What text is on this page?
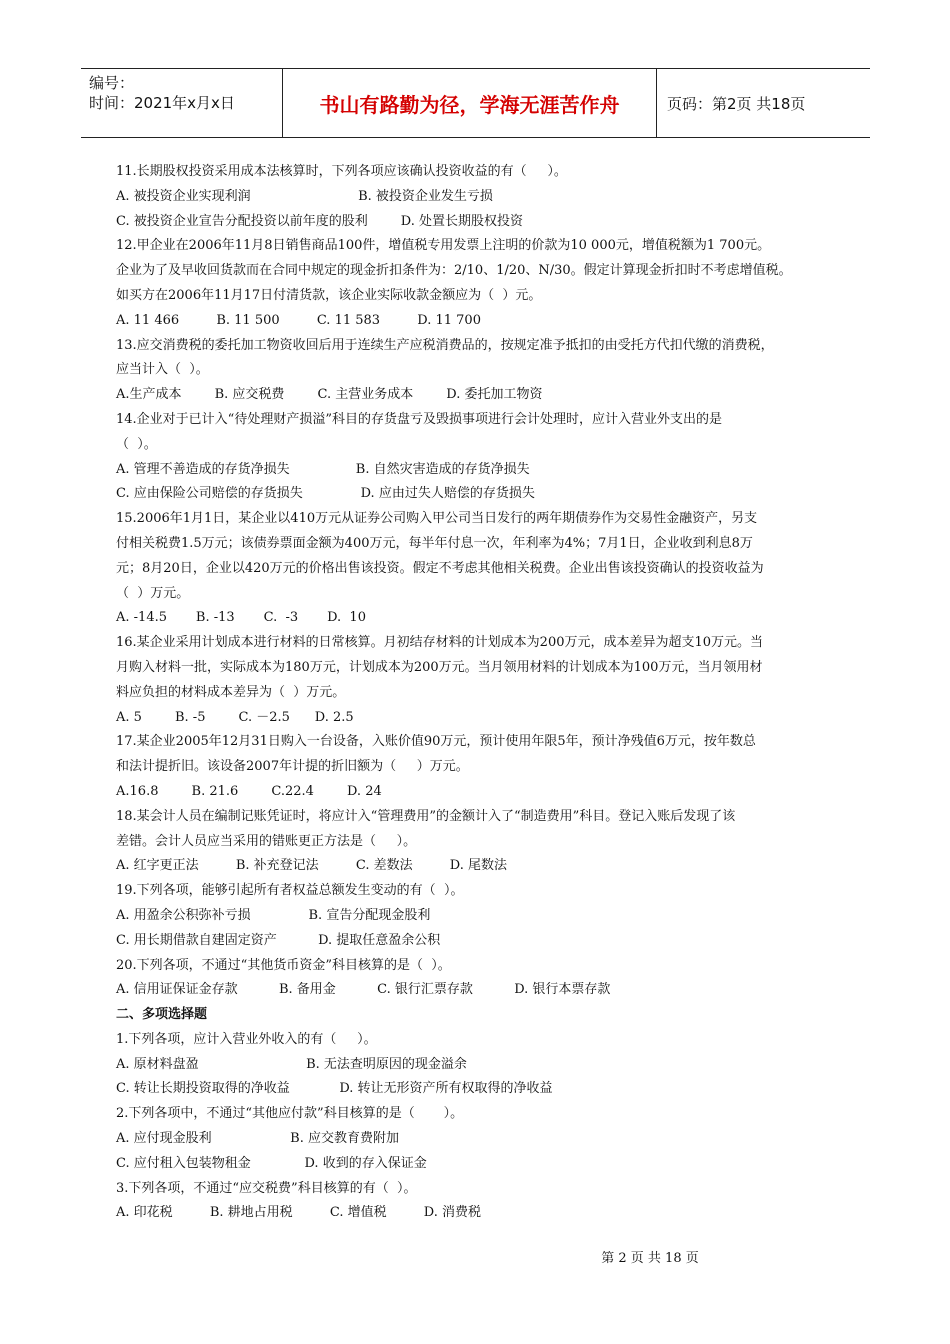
编号：
时间：2021年x月x日	书山有路勤为径，学海无涯苦作舟	页码：第2页 共18页
11.长期股权投资采用成本法核算时，下列各项应该确认投资收益的有（     ）。
A. 被投资企业实现利润                          B. 被投资企业发生亏损
C. 被投资企业宣告分配投资以前年度的股利        D. 处置长期股权投资
12.甲企业在2006年11月8日销售商品100件，增值税专用发票上注明的价款为10 000元，增值税额为1 700元。
企业为了及早收回货款而在合同中规定的现金折扣条件为：2/10、1/20、N/30。假定计算现金折扣时不考虑增值税。
如买方在2006年11月17日付清货款，该企业实际收款金额应为（  ）元。
A. 11 466         B. 11 500         C. 11 583         D. 11 700
13.应交消费税的委托加工物资收回后用于连续生产应税消费品的，按规定准予抵扣的由受托方代扣代缴的消费税，
应当计入（  ）。
A.生产成本        B. 应交税费        C. 主营业务成本        D. 委托加工物资
14.企业对于已计入“待处理财产损溢”科目的存货盘亏及毁损事项进行会计处理时，应计入营业外支出的是
（  ）。
A. 管理不善造成的存货净损失                B. 自然灾害造成的存货净损失
C. 应由保险公司赔偿的存货损失              D. 应由过失人赔偿的存货损失
15.2006年1月1日，某企业以410万元从证券公司购入甲公司当日发行的两年期债券作为交易性金融资产，另支
付相关税费1.5万元；该债券票面金额为400万元，每半年付息一次，年利率为4%；7月1日，企业收到利息8万
元；8月20日，企业以420万元的价格出售该投资。假定不考虑其他相关税费。企业出售该投资确认的投资收益为
（  ）万元。
A. -14.5       B. -13       C.  -3       D.  10
16.某企业采用计划成本进行材料的日常核算。月初结存材料的计划成本为200万元，成本差异为超支10万元。当
月购入材料一批，实际成本为180万元，计划成本为200万元。当月领用材料的计划成本为100万元，当月领用材
料应负担的材料成本差异为（  ）万元。
A. 5        B. -5        C. －2.5      D. 2.5
17.某企业2005年12月31日购入一台设备，入账价值90万元，预计使用年限5年，预计净残值6万元，按年数总
和法计提折旧。该设备2007年计提的折旧额为（     ）万元。
A.16.8        B. 21.6        C.22.4        D. 24
18.某会计人员在编制记账凭证时，将应计入“管理费用”的金额计入了“制造费用”科目。登记入账后发现了该
差错。会计人员应当采用的错账更正方法是（     ）。
A. 红字更正法         B. 补充登记法         C. 差数法         D. 尾数法
19.下列各项，能够引起所有者权益总额发生变动的有（  ）。
A. 用盈余公积弥补亏损              B. 宣告分配现金股利
C. 用长期借款自建固定资产          D. 提取任意盈余公积
20.下列各项，不通过“其他货币资金”科目核算的是（  ）。
A. 信用证保证金存款          B. 备用金          C. 银行汇票存款          D. 银行本票存款
二、多项选择题
1.下列各项，应计入营业外收入的有（     ）。
A. 原材料盘盈                          B. 无法查明原因的现金溢余
C. 转让长期投资取得的净收益            D. 转让无形资产所有权取得的净收益
2.下列各项中，不通过“其他应付款”科目核算的是（       ）。
A. 应付现金股利                   B. 应交教育费附加
C. 应付租入包装物租金             D. 收到的存入保证金
3.下列各项，不通过“应交税费”科目核算的有（  ）。
A. 印花税         B. 耕地占用税         C. 增值税         D. 消费税
第 2 页 共 18 页
